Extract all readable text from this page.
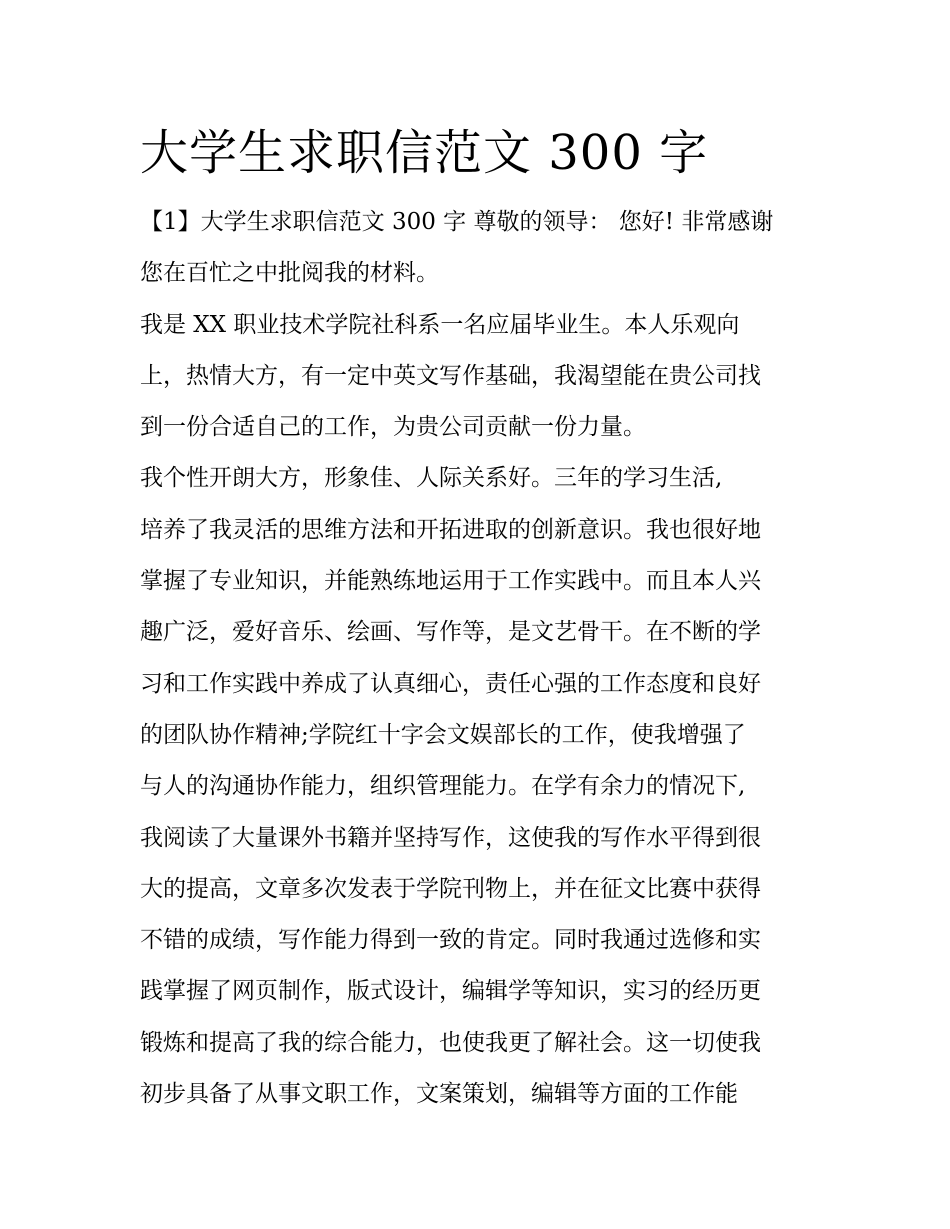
大学生求职信范文 300 字
【1】大学生求职信范文 300 字 尊敬的领导： 您好! 非常感谢
您在百忙之中批阅我的材料。
我是 XX 职业技术学院社科系一名应届毕业生。本人乐观向
上，热情大方，有一定中英文写作基础，我渴望能在贵公司找
到一份合适自己的工作，为贵公司贡献一份力量。
我个性开朗大方，形象佳、人际关系好。三年的学习生活,
培养了我灵活的思维方法和开拓进取的创新意识。我也很好地
掌握了专业知识，并能熟练地运用于工作实践中。而且本人兴
趣广泛，爱好音乐、绘画、写作等，是文艺骨干。在不断的学
习和工作实践中养成了认真细心，责任心强的工作态度和良好
的团队协作精神;学院红十字会文娱部长的工作，使我增强了
与人的沟通协作能力，组织管理能力。在学有余力的情况下,
我阅读了大量课外书籍并坚持写作，这使我的写作水平得到很
大的提高，文章多次发表于学院刊物上，并在征文比赛中获得
不错的成绩，写作能力得到一致的肯定。同时我通过选修和实
践掌握了网页制作，版式设计，编辑学等知识，实习的经历更
锻炼和提高了我的综合能力，也使我更了解社会。这一切使我
初步具备了从事文职工作，文案策划，编辑等方面的工作能
